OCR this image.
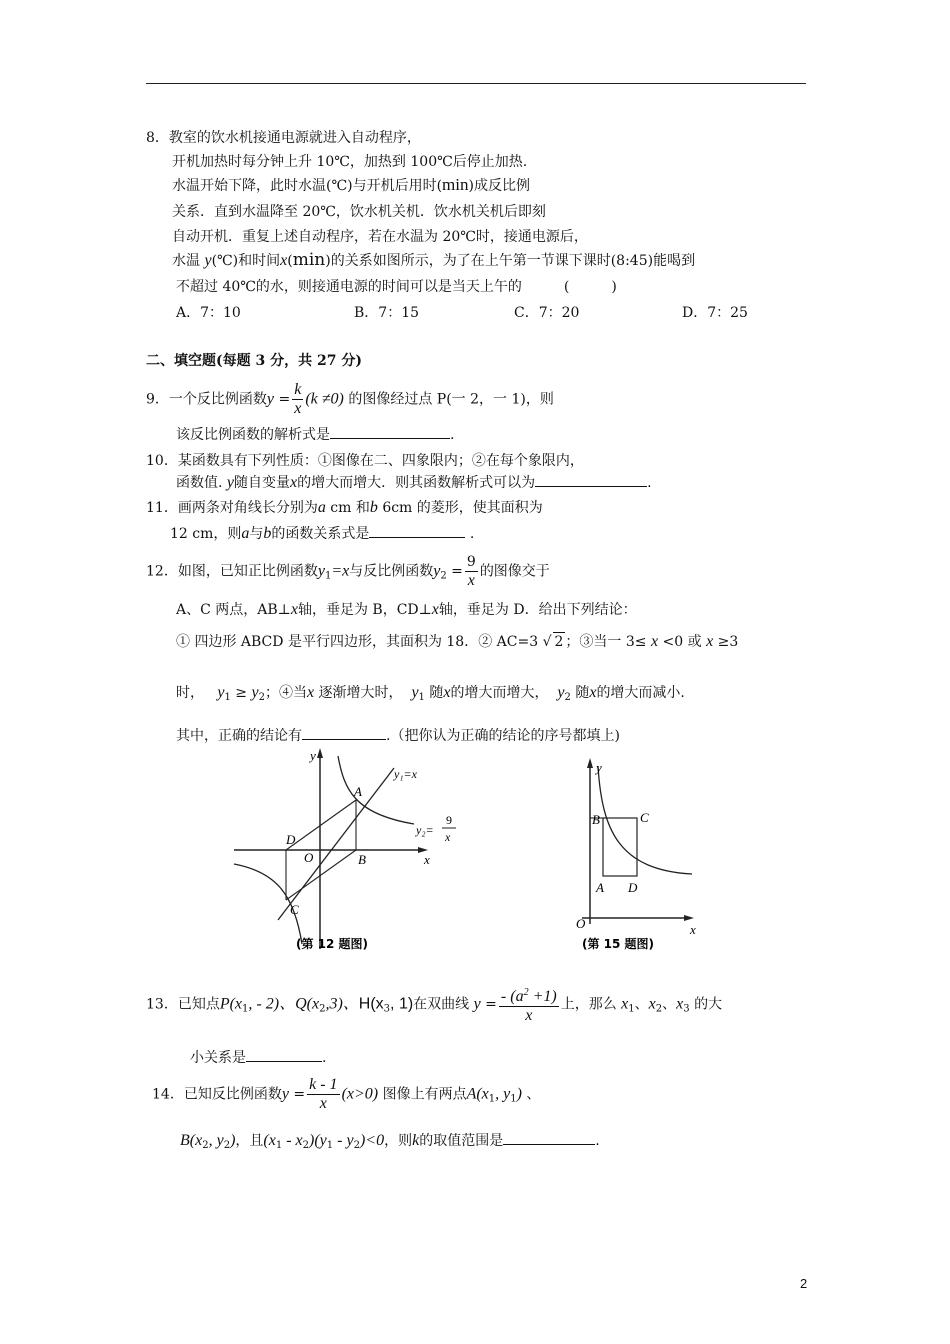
8．教室的饮水机接通电源就进入自动程序，
开机加热时每分钟上升 10℃，加热到 100℃后停止加热.
水温开始下降，此时水温(℃)与开机后用时(min)成反比例
关系．直到水温降至 20℃，饮水机关机．饮水机关机后即刻
自动开机．重复上述自动程序，若在水温为 20℃时，接通电源后，
水温 y(℃)和时间x(min)的关系如图所示，为了在上午第一节课下课时(8:45)能喝到
不超过 40℃的水，则接通电源的时间可以是当天上午的　　　(　　　)
A．7：10	B．7：15	C．7：20	D．7：25
二、填空题(每题 3 分，共 27 分)
9．一个反比例函数$y = \frac{k}{x} (k \ne 0)$ 的图像经过点 P(一 2，一 1)，则
该反比例函数的解析式是	.
10．某函数具有下列性质：①图像在二、四象限内；②在每个象限内，
函数值. y随自变量x的增大而增大．则其函数解析式可以为	.
11．画两条对角线长分别为a cm 和b 6cm 的菱形，使其面积为
12 cm，则a与b的函数关系式是	.
12．如图，已知正比例函数$y_1=x$与反比例函数$y_2 = \frac{9}{x}$ 的图像交于
A、C 两点，AB⊥x轴，垂足为 B，CD⊥x轴，垂足为 D．给出下列结论：
① 四边形 ABCD 是平行四边形，其面积为 18．② AC=3 √ 2 ；③当一 3≤ x <0 或 x ≥3
时， $y_1 \ge y_2$；④当x 逐渐增大时， $y_1$ 随x的增大而增大， $y_2$ 随x的增大而减小.
其中，正确的结论有	.（把你认为正确的结论的序号都填上)
y
x
y₁=x
y₂=
9
x
A
B
C
D
O
(第 12 题图)
y
x
B	C
A D
O
(第 15 题图)
13．已知点$P(x_1$, - 2)、$Q(x_2,3)$、$H(x_3$, 1)在双曲线 $y = \frac{- (a^2 +1)}{x}$ 上，那么 $x_1$、$x_2$、$x_3$ 的大
小关系是	.
14．已知反比例函数$y = \frac{k - 1}{x} (x>0)$ 图像上有两点$A(x_1$, $y_1$) 、
$B(x_2$, $y_2$)，且$(x_1 - x_2)(y_1 - y_2)<0$，则k的取值范围是	.
2
